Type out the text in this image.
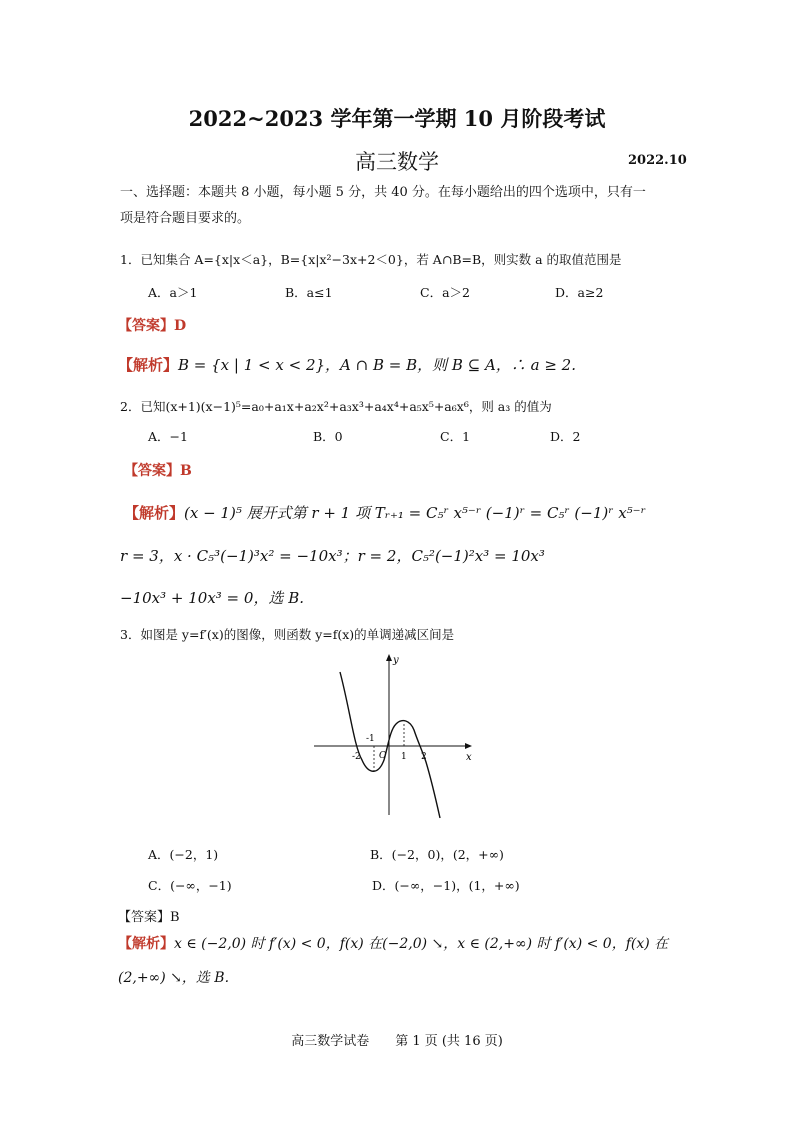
2022~2023 学年第一学期 10 月阶段考试
高三数学	2022.10
一、选择题：本题共 8 小题，每小题 5 分，共 40 分。在每小题给出的四个选项中，只有一
项是符合题目要求的。
1．已知集合 A={x|x＜a}，B={x|x²−3x+2＜0}，若 A∩B=B，则实数 a 的取值范围是
A．a＞1	B．a≤1	C．a＞2	D．a≥2
【答案】D
【解析】B = {x | 1 < x < 2}，A ∩ B = B，则 B ⊆ A，∴ a ≥ 2.
2．已知(x+1)(x−1)⁵=a₀+a₁x+a₂x²+a₃x³+a₄x⁴+a₅x⁵+a₆x⁶，则 a₃ 的值为
A．−1	B．0	C．1	D．2
【答案】B
【解析】(x − 1)⁵ 展开式第 r + 1 项 Tᵣ₊₁ = C₅ʳ x⁵⁻ʳ (−1)ʳ = C₅ʳ (−1)ʳ x⁵⁻ʳ
r = 3，x · C₅³(−1)³x² = −10x³；r = 2，C₅²(−1)²x³ = 10x³
−10x³ + 10x³ = 0，选 B.
3．如图是 y=f′(x)的图像，则函数 y=f(x)的单调递减区间是
y
x
O
-2
-1
1 2
A．(−2，1)	B．(−2，0)，(2，+∞)
C．(−∞，−1)	D．(−∞，−1)，(1，+∞)
【答案】B
【解析】x ∈ (−2,0) 时 f′(x) < 0，f(x) 在(−2,0) ↘，x ∈ (2,+∞) 时 f′(x) < 0，f(x) 在
(2,+∞) ↘，选 B.
高三数学试卷　　第 1 页 (共 16 页)
